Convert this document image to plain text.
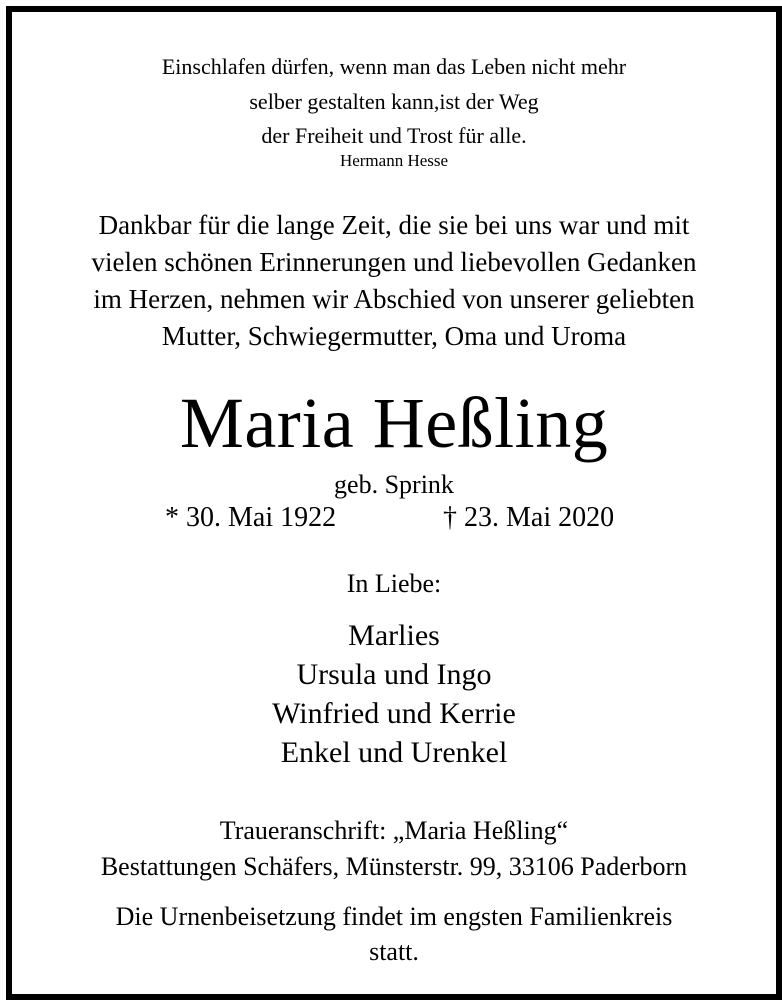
Einschlafen dürfen, wenn man das Leben nicht mehr
selber gestalten kann,ist der Weg
der Freiheit und Trost für alle.
Hermann Hesse
Dankbar für die lange Zeit, die sie bei uns war und mit
vielen schönen Erinnerungen und liebevollen Gedanken
im Herzen, nehmen wir Abschied von unserer geliebten
Mutter, Schwiegermutter, Oma und Uroma
Maria Heßling
geb. Sprink
* 30. Mai 1922	† 23. Mai 2020
In Liebe:
Marlies
Ursula und Ingo
Winfried und Kerrie
Enkel und Urenkel
Traueranschrift: „Maria Heßling“
Bestattungen Schäfers, Münsterstr. 99, 33106 Paderborn
Die Urnenbeisetzung findet im engsten Familienkreis
statt.
